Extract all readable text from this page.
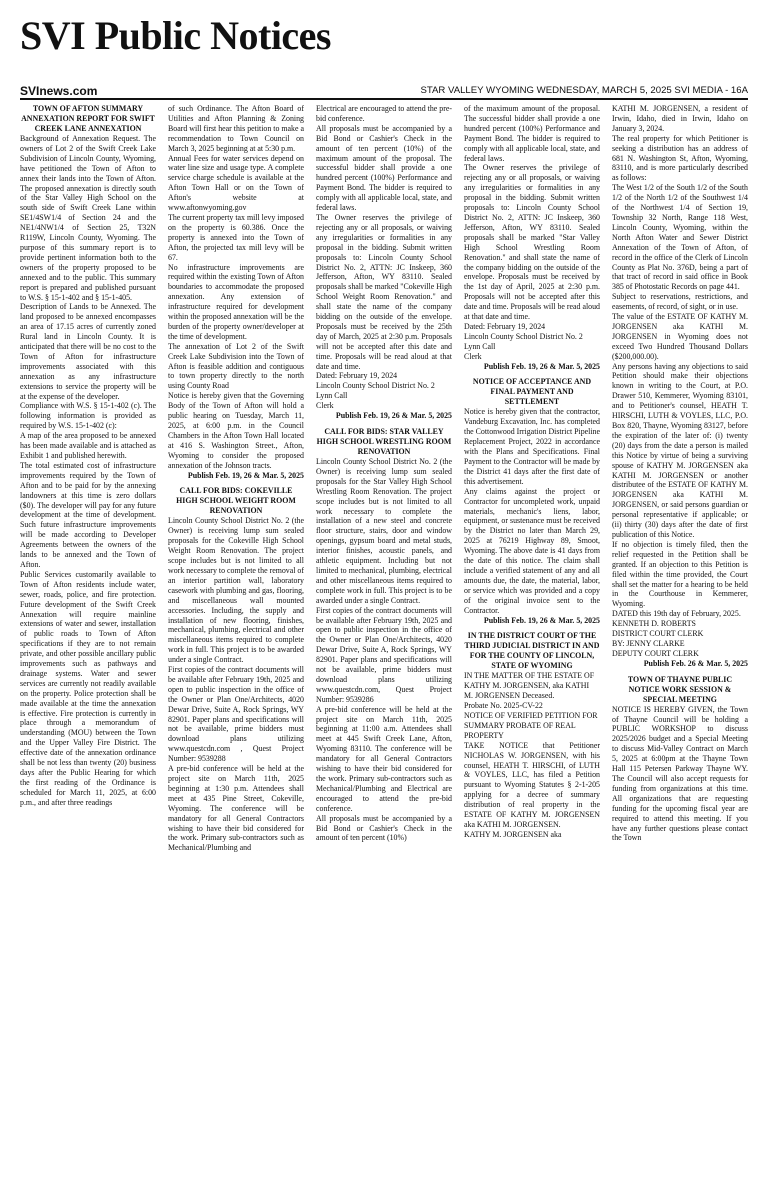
SVI Public Notices
SVInews.com	STAR VALLEY WYOMING WEDNESDAY, MARCH 5, 2025 SVI MEDIA - 16A

TOWN OF AFTON SUMMARY ANNEXATION REPORT FOR SWIFT CREEK LANE ANNEXATION

Background of Annexation Request. The owners of Lot 2 of the Swift Creek Lake Subdivision of Lincoln County, Wyoming, have petitioned the Town of Afton to annex their lands into the Town of Afton. The proposed annexation is directly south of the Star Valley High School on the south side of Swift Creek Lane within SE1/4SW1/4 of Section 24 and the NE1/4NW1/4 of Section 25, T32N R119W, Lincoln County, Wyoming. The purpose of this summary report is to provide pertinent information both to the owners of the property proposed to be annexed and to the public. This summary report is prepared and published pursuant to W.S. § 15-1-402 and § 15-1-405.

Description of Lands to be Annexed. The land proposed to be annexed encompasses an area of 17.15 acres of currently zoned Rural land in Lincoln County. It is anticipated that there will be no cost to the Town of Afton for infrastructure improvements associated with this annexation as any infrastructure extensions to service the property will be at the expense of the developer.

Compliance with W.S. § 15-1-402 (c). The following information is provided as required by W.S. 15-1-402 (c):

A map of the area proposed to be annexed has been made available and is attached as Exhibit 1 and published herewith.

The total estimated cost of infrastructure improvements required by the Town of Afton and to be paid for by the annexing landowners at this time is zero dollars ($0). The developer will pay for any future development at the time of development. Such future infrastructure improvements will be made according to Developer Agreements between the owners of the lands to be annexed and the Town of Afton.

Public Services customarily available to Town of Afton residents include water, sewer, roads, police, and fire protection. Future development of the Swift Creek Annexation will require mainline extensions of water and sewer, installation of public roads to Town of Afton specifications if they are to not remain private, and other possible ancillary public improvements such as pathways and drainage systems. Water and sewer services are currently not readily available on the property. Police protection shall be made available at the time the annexation is effective. Fire protection is currently in place through a memorandum of understanding (MOU) between the Town and the Upper Valley Fire District. The effective date of the annexation ordinance shall be not less than twenty (20) business days after the Public Hearing for which the first reading of the Ordinance is scheduled for March 11, 2025, at 6:00 p.m., and after three readings

of such Ordinance. The Afton Board of Utilities and Afton Planning & Zoning Board will first hear this petition to make a recommendation to Town Council on March 3, 2025 beginning at at 5:30 p.m.

Annual Fees for water services depend on water line size and usage type. A complete service charge schedule is available at the Afton Town Hall or on the Town of Afton's website at www.aftonwyoming.gov

The current property tax mill levy imposed on the property is 60.386. Once the property is annexed into the Town of Afton, the projected tax mill levy will be 67.

No infrastructure improvements are required within the existing Town of Afton boundaries to accommodate the proposed annexation. Any extension of infrastructure required for development within the proposed annexation will be the burden of the property owner/developer at the time of development.

The annexation of Lot 2 of the Swift Creek Lake Subdivision into the Town of Afton is feasible addition and contiguous to town property directly to the north using County Road

Notice is hereby given that the Governing Body of the Town of Afton will hold a public hearing on Tuesday, March 11, 2025, at 6:00 p.m. in the Council Chambers in the Afton Town Hall located at 416 S. Washington Street., Afton, Wyoming to consider the proposed annexation of the Johnson tracts.

Publish Feb. 19, 26 & Mar. 5, 2025

CALL FOR BIDS: COKEVILLE HIGH SCHOOL WEIGHT ROOM RENOVATION

Lincoln County School District No. 2 (the Owner) is receiving lump sum sealed proposals for the Cokeville High School Weight Room Renovation. The project scope includes but is not limited to all work necessary to complete the removal of an interior partition wall, laboratory casework with plumbing and gas, flooring, and miscellaneous wall mounted accessories. Including, the supply and installation of new flooring, finishes, mechanical, plumbing, electrical and other miscellaneous items required to complete work in full. This project is to be awarded under a single Contract.

First copies of the contract documents will be available after February 19th, 2025 and open to public inspection in the office of the Owner or Plan One/Architects, 4020 Dewar Drive, Suite A, Rock Springs, WY 82901. Paper plans and specifications will not be available, prime bidders must download plans utilizing www.questcdn.com , Quest Project Number: 9539288

A pre-bid conference will be held at the project site on March 11th, 2025 beginning at 1:30 p.m. Attendees shall meet at 435 Pine Street, Cokeville, Wyoming. The conference will be mandatory for all General Contractors wishing to have their bid considered for the work. Primary sub-contractors such as Mechanical/Plumbing and

Electrical are encouraged to attend the pre-bid conference.

All proposals must be accompanied by a Bid Bond or Cashier's Check in the amount of ten percent (10%) of the maximum amount of the proposal. The successful bidder shall provide a one hundred percent (100%) Performance and Payment Bond. The bidder is required to comply with all applicable local, state, and federal laws.

The Owner reserves the privilege of rejecting any or all proposals, or waiving any irregularities or formalities in any proposal in the bidding. Submit written proposals to: Lincoln County School District No. 2, ATTN: JC Inskeep, 360 Jefferson, Afton, WY 83110. Sealed proposals shall be marked "Cokeville High School Weight Room Renovation." and shall state the name of the company bidding on the outside of the envelope. Proposals must be received by the 25th day of March, 2025 at 2:30 p.m. Proposals will not be accepted after this date and time. Proposals will be read aloud at that date and time.

Dated: February 19, 2024

Lincoln County School District No. 2

Lynn Call

Clerk

Publish Feb. 19, 26 & Mar. 5, 2025

CALL FOR BIDS: STAR VALLEY HIGH SCHOOL WRESTLING ROOM RENOVATION

Lincoln County School District No. 2 (the Owner) is receiving lump sum sealed proposals for the Star Valley High School Wrestling Room Renovation. The project scope includes but is not limited to all work necessary to complete the installation of a new steel and concrete floor structure, stairs, door and window openings, gypsum board and metal studs, interior finishes, acoustic panels, and athletic equipment. Including but not limited to mechanical, plumbing, electrical and other miscellaneous items required to complete work in full. This project is to be awarded under a single Contract.

First copies of the contract documents will be available after February 19th, 2025 and open to public inspection in the office of the Owner or Plan One/Architects, 4020 Dewar Drive, Suite A, Rock Springs, WY 82901. Paper plans and specifications will not be available, prime bidders must download plans utilizing www.questcdn.com, Quest Project Number: 9539286

A pre-bid conference will be held at the project site on March 11th, 2025 beginning at 11:00 a.m. Attendees shall meet at 445 Swift Creek Lane, Afton, Wyoming 83110. The conference will be mandatory for all General Contractors wishing to have their bid considered for the work. Primary sub-contractors such as Mechanical/Plumbing and Electrical are encouraged to attend the pre-bid conference.

All proposals must be accompanied by a Bid Bond or Cashier's Check in the amount of ten percent (10%)

of the maximum amount of the proposal. The successful bidder shall provide a one hundred percent (100%) Performance and Payment Bond. The bidder is required to comply with all applicable local, state, and federal laws.

The Owner reserves the privilege of rejecting any or all proposals, or waiving any irregularities or formalities in any proposal in the bidding. Submit written proposals to: Lincoln County School District No. 2, ATTN: JC Inskeep, 360 Jefferson, Afton, WY 83110. Sealed proposals shall be marked "Star Valley High School Wrestling Room Renovation." and shall state the name of the company bidding on the outside of the envelope. Proposals must be received by the 1st day of April, 2025 at 2:30 p.m. Proposals will not be accepted after this date and time. Proposals will be read aloud at that date and time.

Dated: February 19, 2024

Lincoln County School District No. 2

Lynn Call

Clerk

Publish Feb. 19, 26 & Mar. 5, 2025

NOTICE OF ACCEPTANCE AND FINAL PAYMENT AND SETTLEMENT

Notice is hereby given that the contractor, Vandeburg Excavation, Inc. has completed the Cottonwood Irrigation District Pipeline Replacement Project, 2022 in accordance with the Plans and Specifications. Final Payment to the Contractor will be made by the District 41 days after the first date of this advertisement.

Any claims against the project or Contractor for uncompleted work, unpaid materials, mechanic's liens, labor, equipment, or sustenance must be received by the District no later than March 29, 2025 at 76219 Highway 89, Smoot, Wyoming. The above date is 41 days from the date of this notice. The claim shall include a verified statement of any and all amounts due, the date, the material, labor, or service which was provided and a copy of the original invoice sent to the Contractor.

Publish Feb. 19, 26 & Mar. 5, 2025

IN THE DISTRICT COURT OF THE THIRD JUDICIAL DISTRICT IN AND FOR THE COUNTY OF LINCOLN, STATE OF WYOMING

IN THE MATTER OF THE ESTATE OF KATHY M. JORGENSEN, aka KATHI M. JORGENSEN Deceased.

Probate No. 2025-CV-22

NOTICE OF VERIFIED PETITION FOR SUMMARY PROBATE OF REAL PROPERTY

TAKE NOTICE that Petitioner NICHOLAS W. JORGENSEN, with his counsel, HEATH T. HIRSCHI, of LUTH & VOYLES, LLC, has filed a Petition pursuant to Wyoming Statutes § 2-1-205 applying for a decree of summary distribution of real property in the ESTATE OF KATHY M. JORGENSEN aka KATHI M. JORGENSEN.

KATHY M. JORGENSEN aka

KATHI M. JORGENSEN, a resident of Irwin, Idaho, died in Irwin, Idaho on January 3, 2024.

The real property for which Petitioner is seeking a distribution has an address of 681 N. Washington St, Afton, Wyoming, 83110, and is more particularly described as follows:

The West 1/2 of the South 1/2 of the South 1/2 of the North 1/2 of the Southwest 1/4 of the Northwest 1/4 of Section 19, Township 32 North, Range 118 West, Lincoln County, Wyoming, within the North Afton Water and Sewer District Annexation of the Town of Afton, of record in the office of the Clerk of Lincoln County as Plat No. 376D, being a part of that tract of record in said office in Book 385 of Photostatic Records on page 441.

Subject to reservations, restrictions, and easements, of record, of sight, or in use.

The value of the ESTATE OF KATHY M. JORGENSEN aka KATHI M. JORGENSEN in Wyoming does not exceed Two Hundred Thousand Dollars ($200,000.00).

Any persons having any objections to said Petition should make their objections known in writing to the Court, at P.O. Drawer 510, Kemmerer, Wyoming 83101, and to Petitioner's counsel, HEATH T. HIRSCHI, LUTH & VOYLES, LLC, P.O. Box 820, Thayne, Wyoming 83127, before the expiration of the later of: (i) twenty (20) days from the date a person is mailed this Notice by virtue of being a surviving spouse of KATHY M. JORGENSEN aka KATHI M. JORGENSEN or another distributee of the ESTATE OF KATHY M. JORGENSEN aka KATHI M. JORGENSEN, or said persons guardian or personal representative if applicable; or (ii) thirty (30) days after the date of first publication of this Notice.

If no objection is timely filed, then the relief requested in the Petition shall be granted. If an objection to this Petition is filed within the time provided, the Court shall set the matter for a hearing to be held in the Courthouse in Kemmerer, Wyoming.

DATED this 19th day of February, 2025.

KENNETH D. ROBERTS

DISTRICT COURT CLERK

BY: JENNY CLARKE

DEPUTY COURT CLERK

Publish Feb. 26 & Mar. 5, 2025

TOWN OF THAYNE PUBLIC NOTICE WORK SESSION & SPECIAL MEETING

NOTICE IS HEREBY GIVEN, the Town of Thayne Council will be holding a PUBLIC WORKSHOP to discuss 2025/2026 budget and a Special Meeting to discuss Mid-Valley Contract on March 5, 2025 at 6:00pm at the Thayne Town Hall 115 Petersen Parkway Thayne WY. The Council will also accept requests for funding from organizations at this time. All organizations that are requesting funding for the upcoming fiscal year are required to attend this meeting. If you have any further questions please contact the Town
